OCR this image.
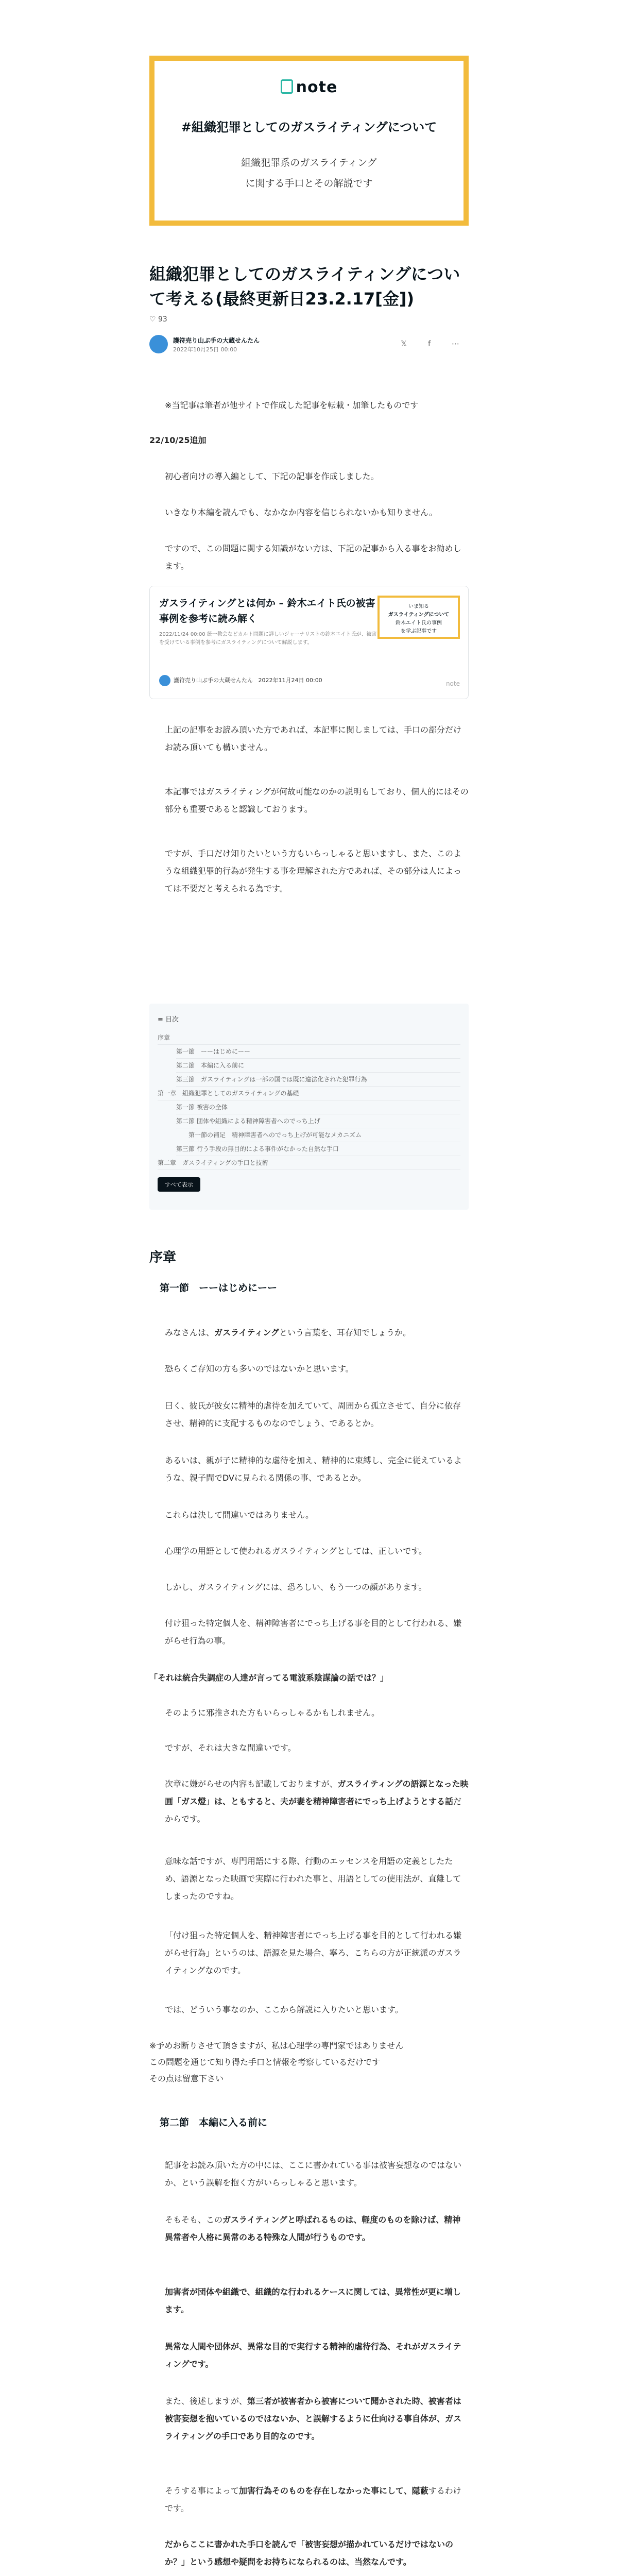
note
#組織犯罪としてのガスライティングについて
組織犯罪系のガスライティング
に関する手口とその解説です
組織犯罪としてのガスライティングについて考える(最終更新日23.2.17[金])
♡ 93
護符売り山ぶ手の大蔵せんたん
2022年10月25日 00:00
𝕏 f ⋯
※当記事は筆者が他サイトで作成した記事を転載・加筆したものです
22/10/25追加
初心者向けの導入編として、下記の記事を作成しました。
いきなり本編を読んでも、なかなか内容を信じられないかも知りません。
ですので、この問題に関する知識がない方は、下記の記事から入る事をお勧めします。
ガスライティングとは何か – 鈴木エイト氏の被害事例を参考に読み解く
2022/11/24 00:00 統一教会などカルト問題に詳しいジャーナリストの鈴木エイト氏が、被害を受けている事例を参考にガスライティングについて解説します。
いま知る
ガスライティングについて
鈴木エイト氏の事例
を学ぶ記事です
護符売り山ぶ手の大蔵せんたん 2022年11月24日 00:00	note
上記の記事をお読み頂いた方であれば、本記事に関しましては、手口の部分だけお読み頂いても構いません。
本記事ではガスライティングが何故可能なのかの説明もしており、個人的にはその部分も重要であると認識しております。
ですが、手口だけ知りたいという方もいらっしゃると思いますし、また、このような組織犯罪的行為が発生する事を理解された方であれば、その部分は人によっては不要だと考えられる為です。
≡ 目次
序章
第一節　ーーはじめにーー
第二節　本編に入る前に
第三節　ガスライティングは一部の国では既に違法化された犯罪行為
第一章　組織犯罪としてのガスライティングの基礎
第一節 被害の全体
第二節 団体や組織による精神障害者へのでっち上げ
第一節の補足　精神障害者へのでっち上げが可能なメカニズム
第三節 行う手段の無目的による事件がなかった自然な手口
第二章　ガスライティングの手口と技術
すべて表示
序章
第一節　ーーはじめにーー
みなさんは、ガスライティングという言葉を、耳存知でしょうか。
恐らくご存知の方も多いのではないかと思います。
曰く、彼氏が彼女に精神的虐待を加えていて、周囲から孤立させて、自分に依存させ、精神的に支配するものなのでしょう、であるとか。
あるいは、親が子に精神的な虐待を加え、精神的に束縛し、完全に従えているような、親子間でDVに見られる関係の事、であるとか。
これらは決して間違いではありません。
心理学の用語として使われるガスライティングとしては、正しいです。
しかし、ガスライティングには、恐ろしい、もう一つの顔があります。
付け狙った特定個人を、精神障害者にでっち上げる事を目的として行われる、嫌がらせ行為の事。
「それは統合失調症の人達が言ってる電波系陰謀論の話では？」
そのように邪推された方もいらっしゃるかもしれません。
ですが、それは大きな間違いです。
次章に嫌がらせの内容も記載しておりますが、ガスライティングの語源となった映画「ガス燈」は、ともすると、夫が妻を精神障害者にでっち上げようとする話だからです。
意味な話ですが、専門用語にする際、行動のエッセンスを用語の定義としたため、語源となった映画で実際に行われた事と、用語としての使用法が、直離してしまったのですね。
「付け狙った特定個人を、精神障害者にでっち上げる事を目的として行われる嫌がらせ行為」というのは、語源を見た場合、寧ろ、こちらの方が正統派のガスライティングなのです。
では、どういう事なのか、ここから解説に入りたいと思います。
※予めお断りさせて頂きますが、私は心理学の専門家ではありません
この問題を通じて知り得た手口と情報を考察しているだけです
その点は留意下さい
第二節　本編に入る前に
記事をお読み頂いた方の中には、ここに書かれている事は被害妄想なのではないか、という誤解を抱く方がいらっしゃると思います。
そもそも、このガスライティングと呼ばれるものは、軽度のものを除けば、精神異常者や人格に異常のある特殊な人間が行うものです。
加害者が団体や組織で、組織的な行われるケースに関しては、異常性が更に増します。
異常な人間や団体が、異常な目的で実行する精神的虐待行為、それがガスライティングです。
また、後述しますが、第三者が被害者から被害について聞かされた時、被害者は被害妄想を抱いているのではないか、と誤解するように仕向ける事自体が、ガスライティングの手口であり目的なのです。
そうする事によって加害行為そのものを存在しなかった事にして、隠蔽するわけです。
だからここに書かれた手口を読んで「被害妄想が描かれているだけではないのか？」という感想や疑問をお持ちになられるのは、当然なんです。
